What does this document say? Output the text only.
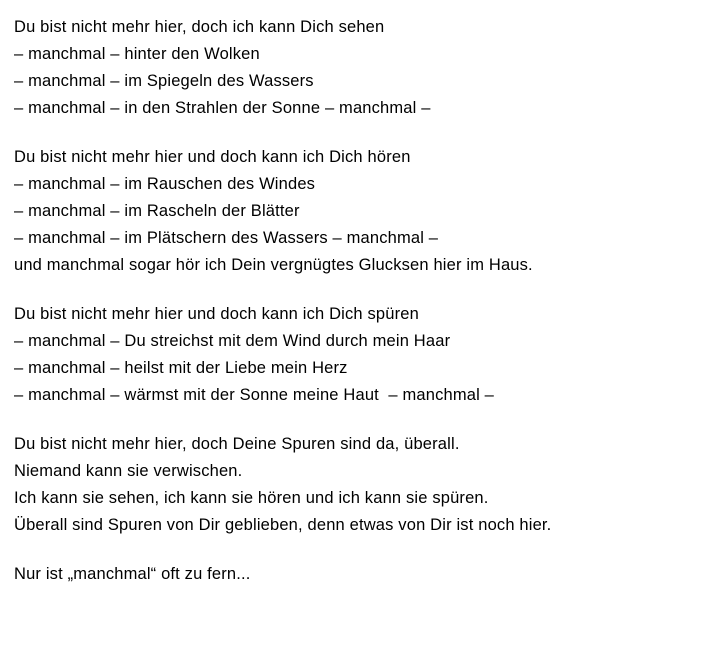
Du bist nicht mehr hier, doch ich kann Dich sehen
– manchmal – hinter den Wolken
– manchmal – im Spiegeln des Wassers
– manchmal – in den Strahlen der Sonne – manchmal –
Du bist nicht mehr hier und doch kann ich Dich hören
– manchmal – im Rauschen des Windes
– manchmal – im Rascheln der Blätter
– manchmal – im Plätschern des Wassers – manchmal –
und manchmal sogar hör ich Dein vergnügtes Glucksen hier im Haus.
Du bist nicht mehr hier und doch kann ich Dich spüren
– manchmal – Du streichst mit dem Wind durch mein Haar
– manchmal – heilst mit der Liebe mein Herz
– manchmal – wärmst mit der Sonne meine Haut  – manchmal –
Du bist nicht mehr hier, doch Deine Spuren sind da, überall.
Niemand kann sie verwischen.
Ich kann sie sehen, ich kann sie hören und ich kann sie spüren.
Überall sind Spuren von Dir geblieben, denn etwas von Dir ist noch hier.
Nur ist „manchmal“ oft zu fern...
